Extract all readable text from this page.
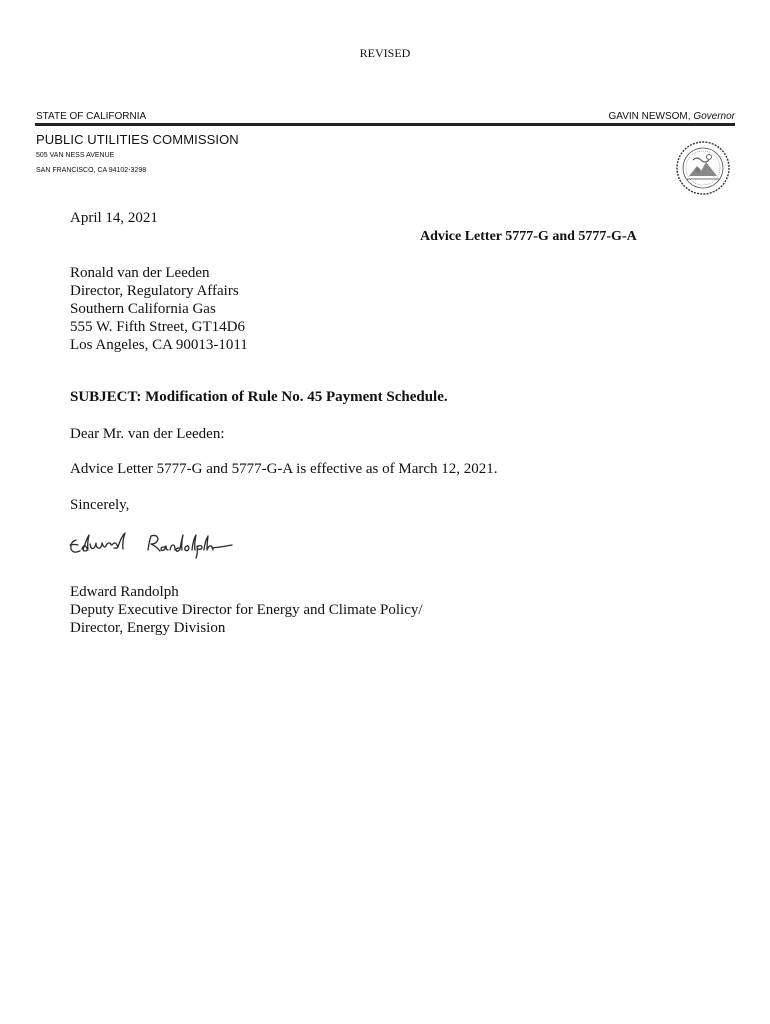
REVISED
STATE OF CALIFORNIA	GAVIN NEWSOM, Governor
PUBLIC UTILITIES COMMISSION
505 VAN NESS AVENUE
SAN FRANCISCO, CA 94102-3298
April 14, 2021
Advice Letter 5777-G and 5777-G-A
Ronald van der Leeden
Director, Regulatory Affairs
Southern California Gas
555 W. Fifth Street, GT14D6
Los Angeles, CA 90013-1011
SUBJECT: Modification of Rule No. 45 Payment Schedule.
Dear Mr. van der Leeden:
Advice Letter 5777-G and 5777-G-A is effective as of March 12, 2021.
Sincerely,
Edward Randolph
Deputy Executive Director for Energy and Climate Policy/
Director, Energy Division
